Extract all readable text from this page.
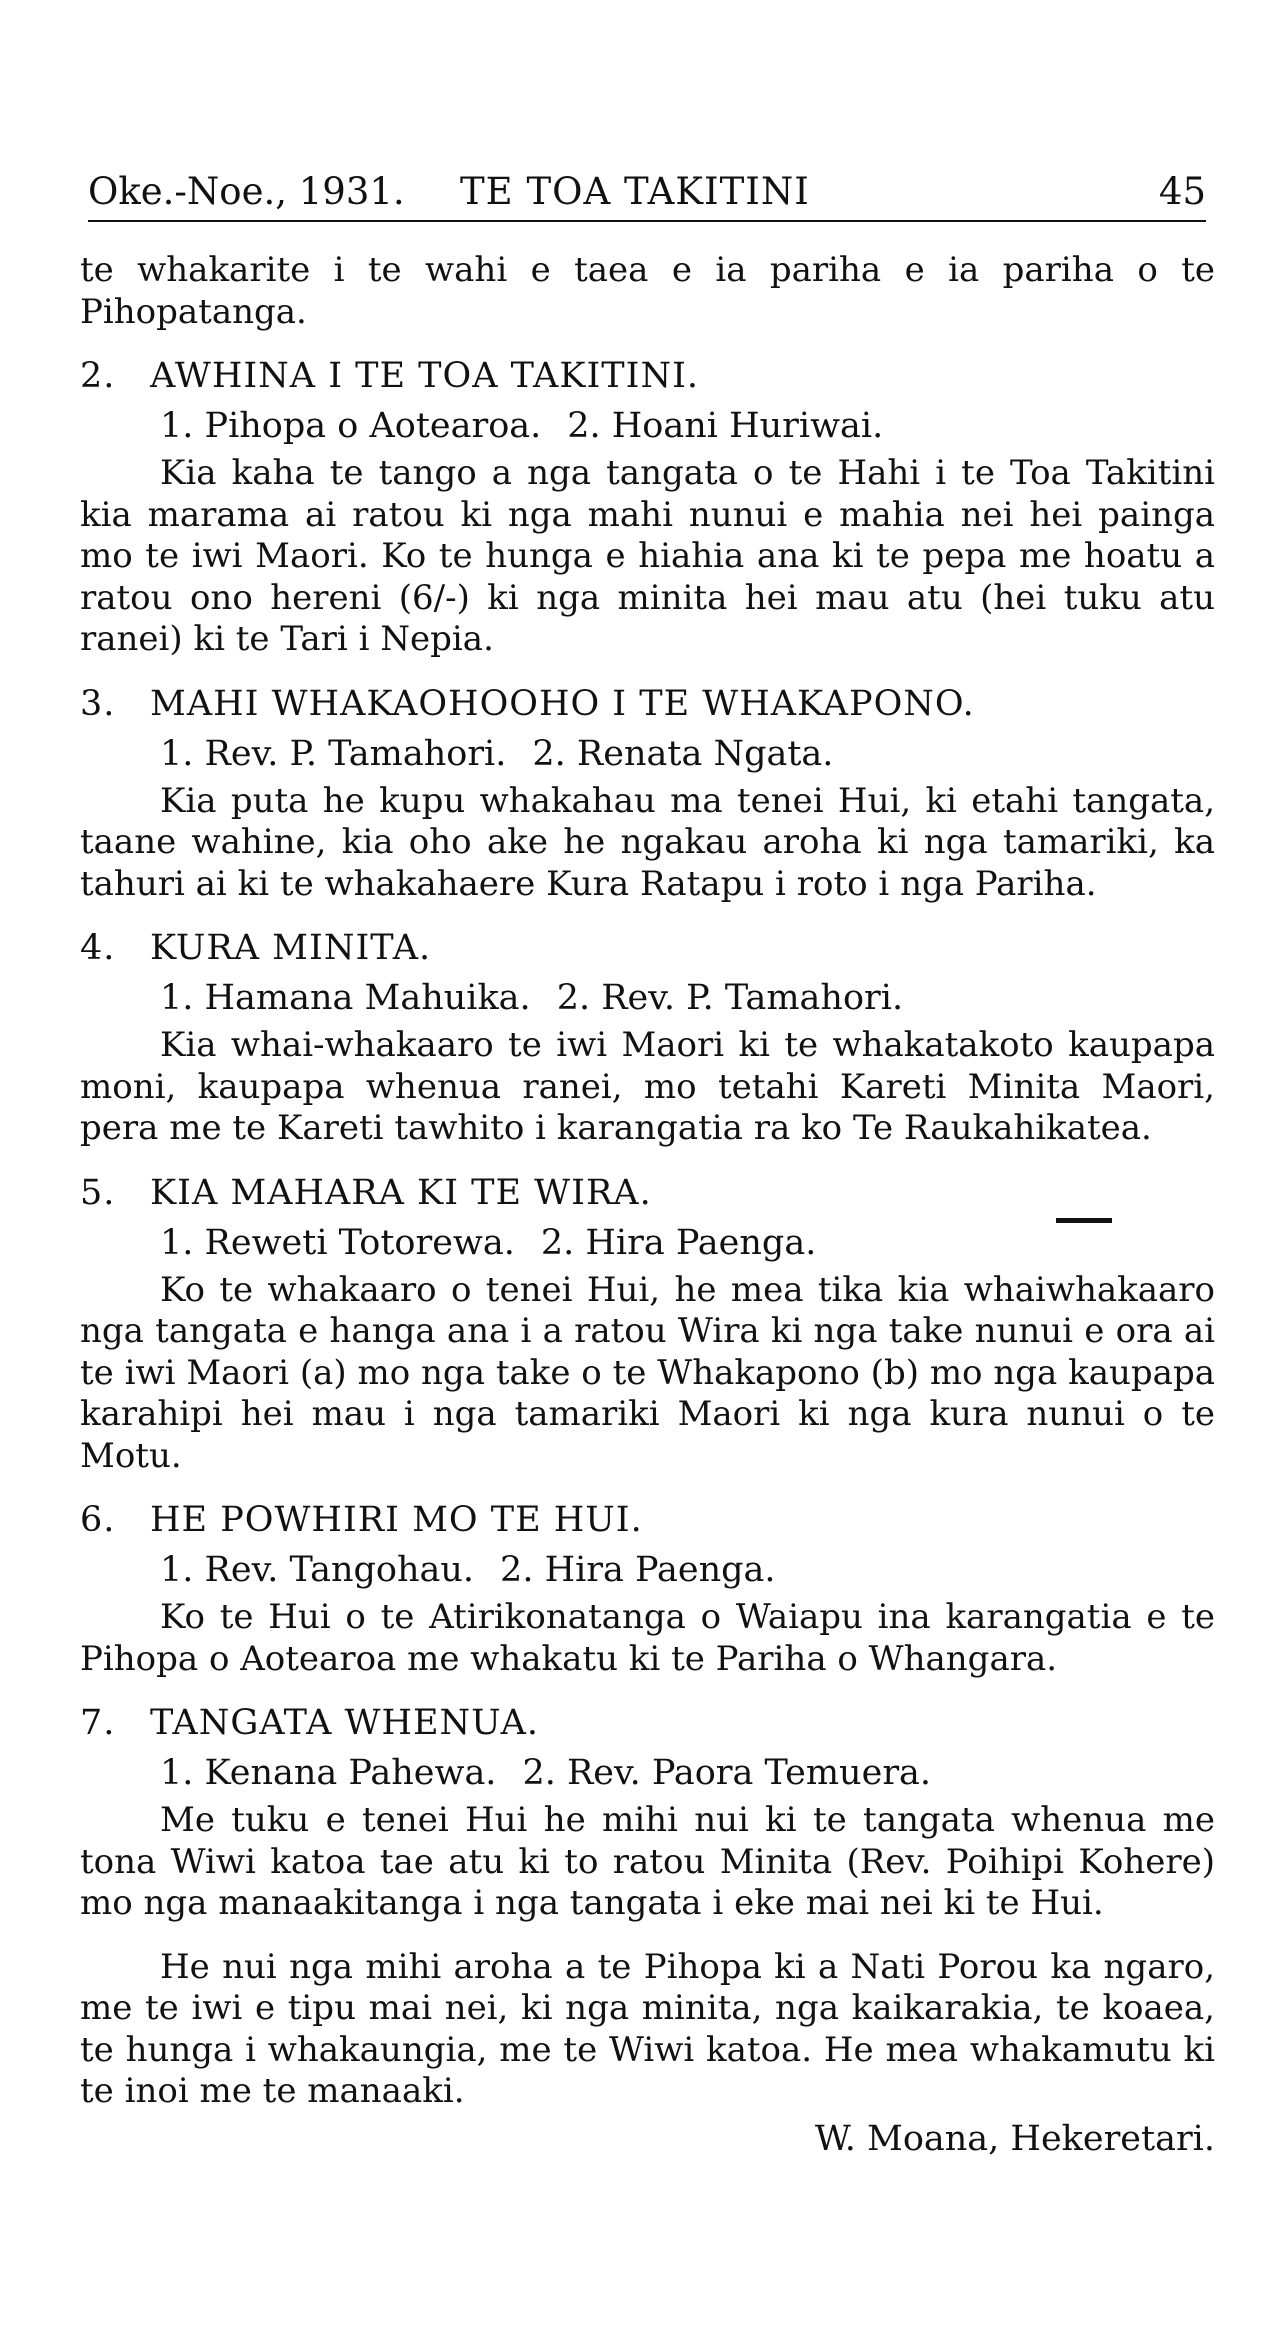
Oke.-Noe., 1931. TE TOA TAKITINI	45

te whakarite i te wahi e taea e ia pariha e ia pariha o te Pihopatanga.

2. AWHINA I TE TOA TAKITINI.

1. Pihopa o Aotearoa. 2. Hoani Huriwai.

Kia kaha te tango a nga tangata o te Hahi i te Toa Takitini kia marama ai ratou ki nga mahi nunui e mahia nei hei painga mo te iwi Maori. Ko te hunga e hiahia ana ki te pepa me hoatu a ratou ono hereni (6/-) ki nga minita hei mau atu (hei tuku atu ranei) ki te Tari i Nepia.

3. MAHI WHAKAOHOOHO I TE WHAKAPONO.

1. Rev. P. Tamahori. 2. Renata Ngata.

Kia puta he kupu whakahau ma tenei Hui, ki etahi tangata, taane wahine, kia oho ake he ngakau aroha ki nga tamariki, ka tahuri ai ki te whakahaere Kura Ratapu i roto i nga Pariha.

4. KURA MINITA.

1. Hamana Mahuika. 2. Rev. P. Tamahori.

Kia whai-whakaaro te iwi Maori ki te whakatakoto kaupapa moni, kaupapa whenua ranei, mo tetahi Kareti Minita Maori, pera me te Kareti tawhito i karangatia ra ko Te Raukahikatea.

5. KIA MAHARA KI TE WIRA.

1. Reweti Totorewa. 2. Hira Paenga.

Ko te whakaaro o tenei Hui, he mea tika kia whaiwhakaaro nga tangata e hanga ana i a ratou Wira ki nga take nunui e ora ai te iwi Maori (a) mo nga take o te Whakapono (b) mo nga kaupapa karahipi hei mau i nga tamariki Maori ki nga kura nunui o te Motu.

6. HE POWHIRI MO TE HUI.

1. Rev. Tangohau. 2. Hira Paenga.

Ko te Hui o te Atirikonatanga o Waiapu ina karangatia e te Pihopa o Aotearoa me whakatu ki te Pariha o Whangara.

7. TANGATA WHENUA.

1. Kenana Pahewa. 2. Rev. Paora Temuera.

Me tuku e tenei Hui he mihi nui ki te tangata whenua me tona Wiwi katoa tae atu ki to ratou Minita (Rev. Poihipi Kohere) mo nga manaakitanga i nga tangata i eke mai nei ki te Hui.

He nui nga mihi aroha a te Pihopa ki a Nati Porou ka ngaro, me te iwi e tipu mai nei, ki nga minita, nga kaikarakia, te koaea, te hunga i whakaungia, me te Wiwi katoa. He mea whakamutu ki te inoi me te manaaki.

W. Moana, Hekeretari.
